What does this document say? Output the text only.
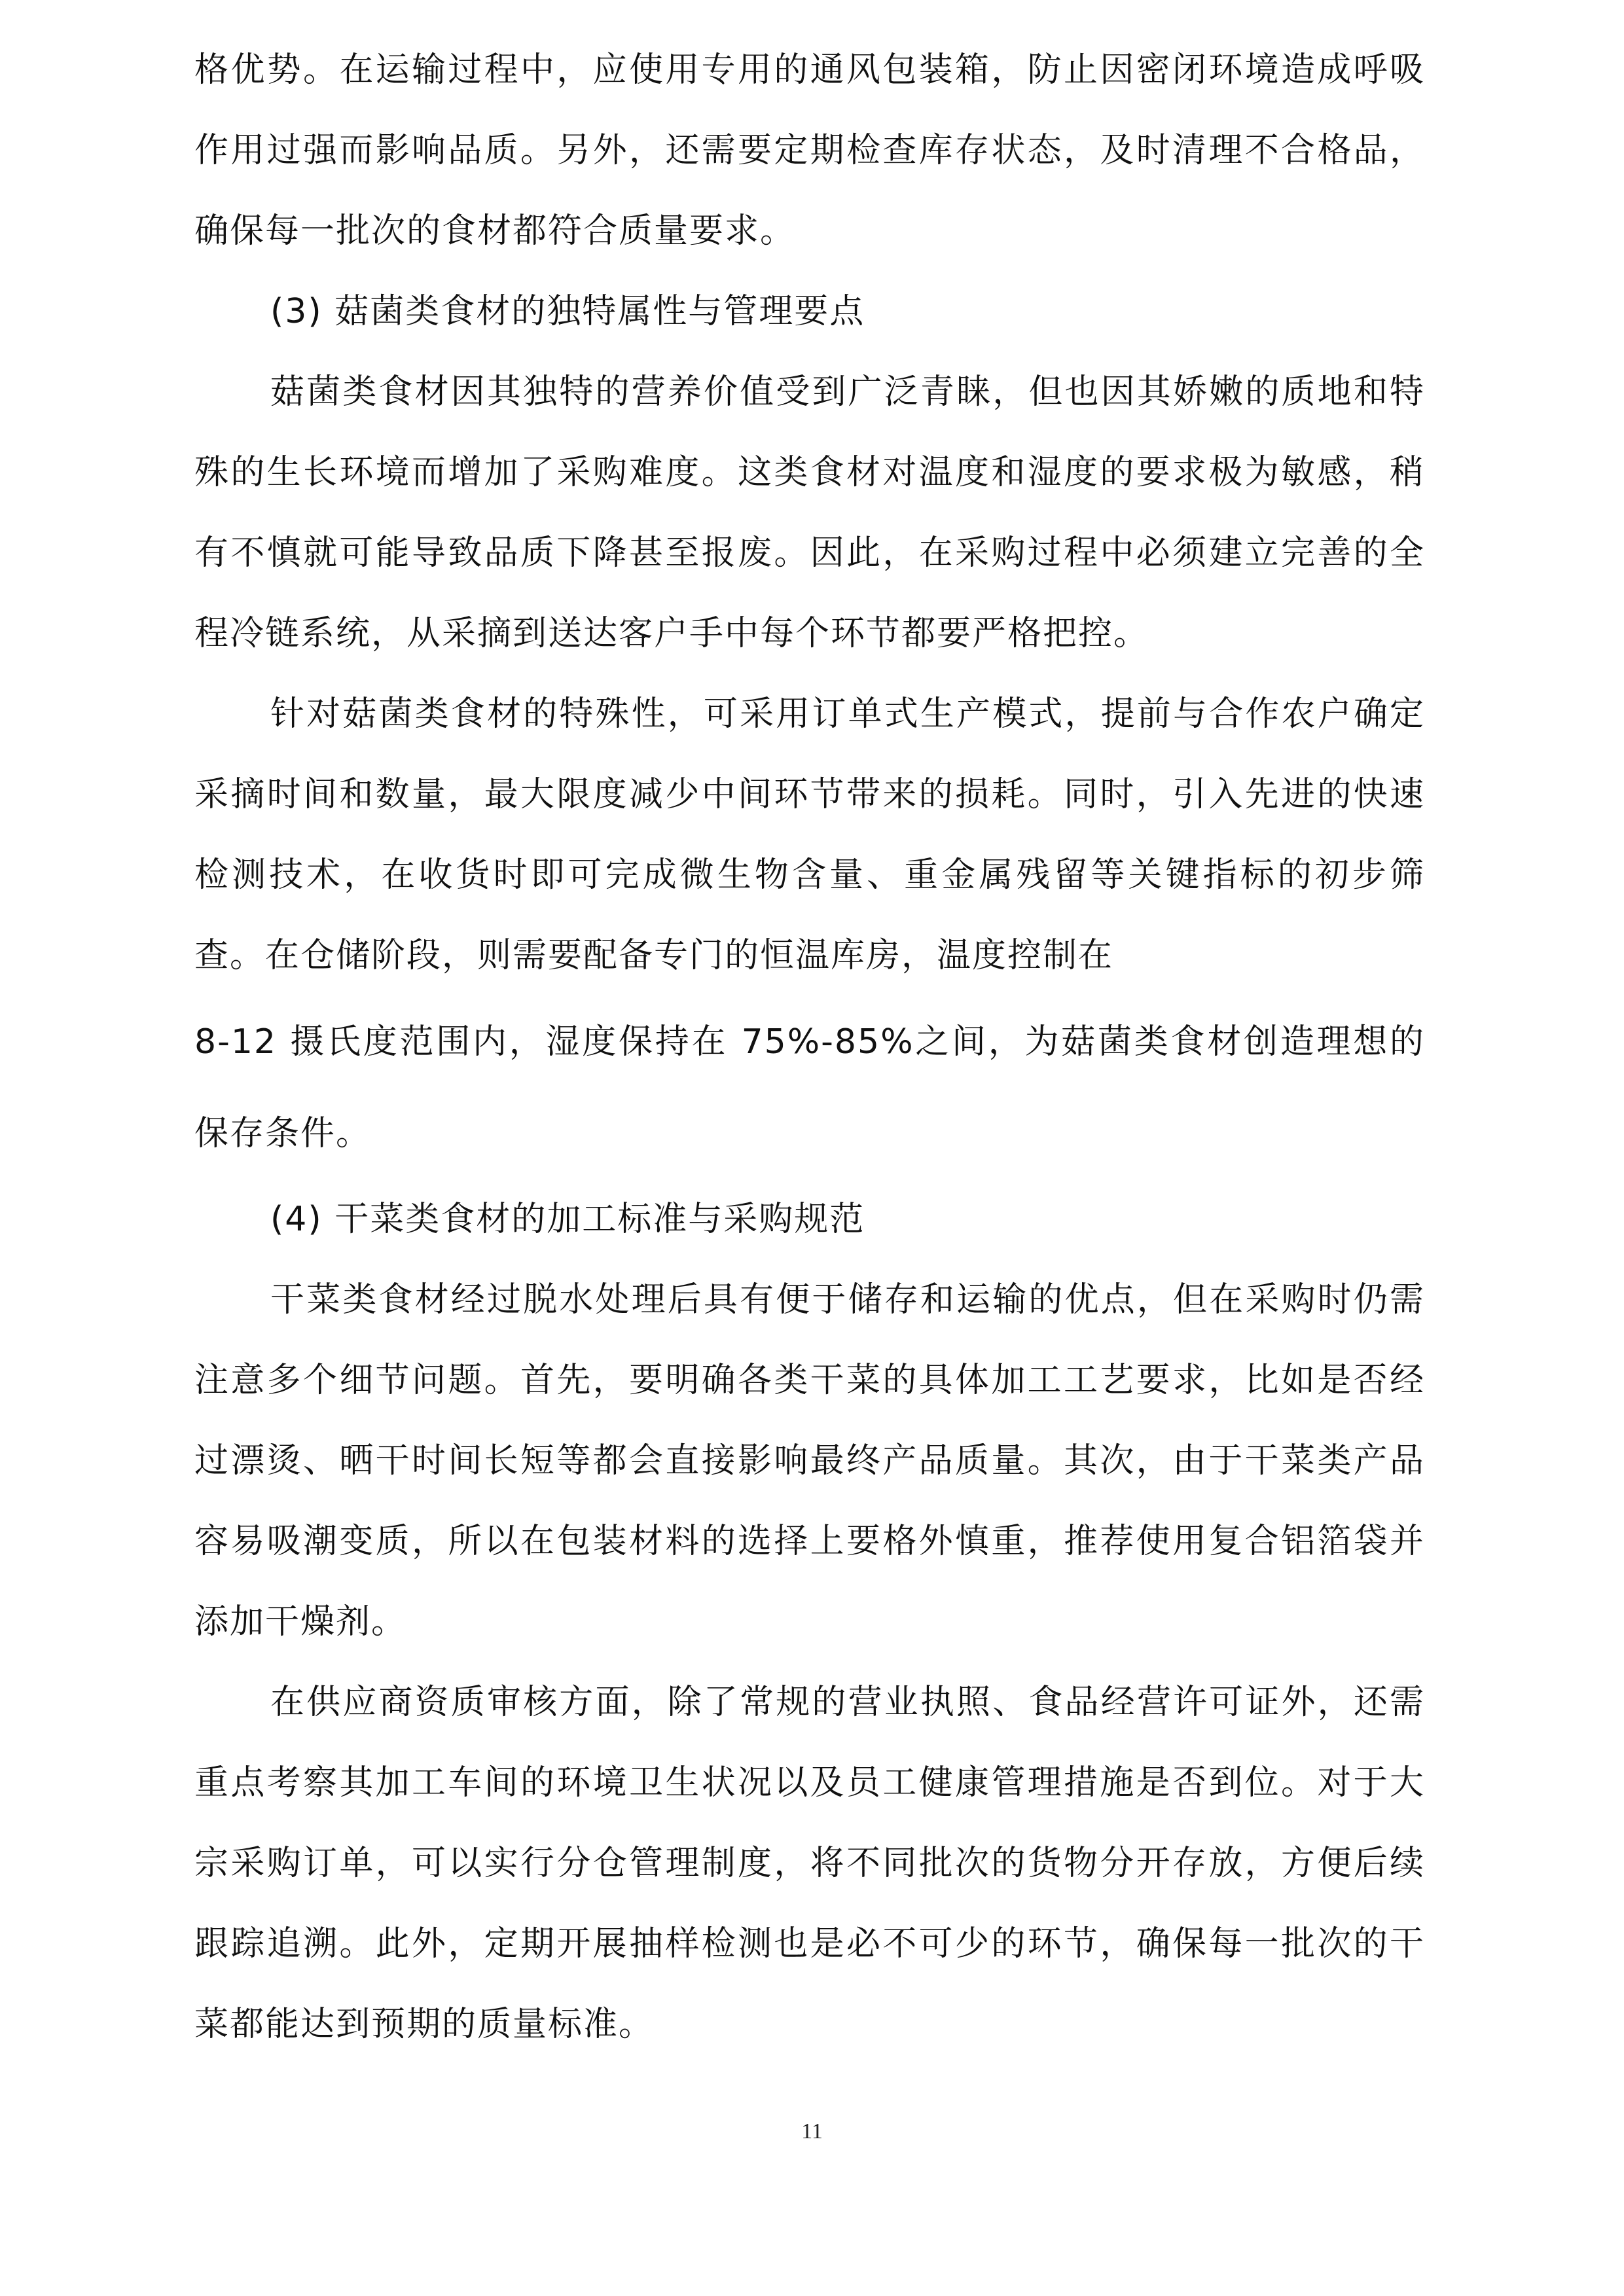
格优势。在运输过程中，应使用专用的通风包装箱，防止因密闭环境造成呼吸作用过强而影响品质。另外，还需要定期检查库存状态，及时清理不合格品，确保每一批次的食材都符合质量要求。

(3) 菇菌类食材的独特属性与管理要点

菇菌类食材因其独特的营养价值受到广泛青睐，但也因其娇嫩的质地和特殊的生长环境而增加了采购难度。这类食材对温度和湿度的要求极为敏感，稍有不慎就可能导致品质下降甚至报废。因此，在采购过程中必须建立完善的全程冷链系统，从采摘到送达客户手中每个环节都要严格把控。

针对菇菌类食材的特殊性，可采用订单式生产模式，提前与合作农户确定采摘时间和数量，最大限度减少中间环节带来的损耗。同时，引入先进的快速检测技术，在收货时即可完成微生物含量、重金属残留等关键指标的初步筛查。在仓储阶段，则需要配备专门的恒温库房，温度控制在

8-12 摄氏度范围内，湿度保持在 75%-85%之间，为菇菌类食材创造理想的保存条件。

(4) 干菜类食材的加工标准与采购规范

干菜类食材经过脱水处理后具有便于储存和运输的优点，但在采购时仍需注意多个细节问题。首先，要明确各类干菜的具体加工工艺要求，比如是否经过漂烫、晒干时间长短等都会直接影响最终产品质量。其次，由于干菜类产品容易吸潮变质，所以在包装材料的选择上要格外慎重，推荐使用复合铝箔袋并添加干燥剂。

在供应商资质审核方面，除了常规的营业执照、食品经营许可证外，还需重点考察其加工车间的环境卫生状况以及员工健康管理措施是否到位。对于大宗采购订单，可以实行分仓管理制度，将不同批次的货物分开存放，方便后续跟踪追溯。此外，定期开展抽样检测也是必不可少的环节，确保每一批次的干菜都能达到预期的质量标准。

11
